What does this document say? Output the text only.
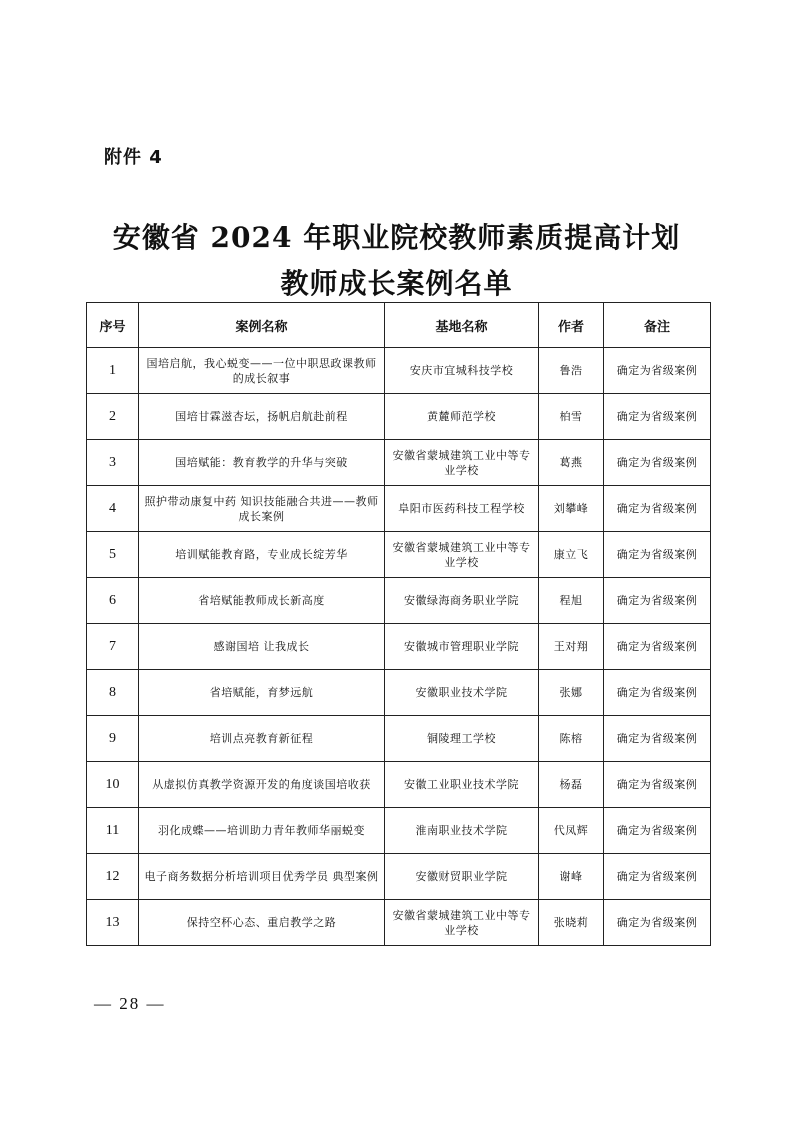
附件 4
安徽省 2024 年职业院校教师素质提高计划
教师成长案例名单
序号	案例名称	基地名称	作者	备注
1	国培启航，我心蜕变——一位中职思政课教师的成长叙事	安庆市宜城科技学校	鲁浩	确定为省级案例
2	国培甘霖滋杏坛，扬帆启航赴前程	黄麓师范学校	柏雪	确定为省级案例
3	国培赋能：教育教学的升华与突破	安徽省蒙城建筑工业中等专业学校	葛燕	确定为省级案例
4	照护带动康复中药 知识技能融合共进——教师成长案例	阜阳市医药科技工程学校	刘攀峰	确定为省级案例
5	培训赋能教育路，专业成长绽芳华	安徽省蒙城建筑工业中等专业学校	康立飞	确定为省级案例
6	省培赋能教师成长新高度	安徽绿海商务职业学院	程旭	确定为省级案例
7	感谢国培 让我成长	安徽城市管理职业学院	王对翔	确定为省级案例
8	省培赋能，育梦远航	安徽职业技术学院	张娜	确定为省级案例
9	培训点亮教育新征程	铜陵理工学校	陈榕	确定为省级案例
10	从虚拟仿真教学资源开发的角度谈国培收获	安徽工业职业技术学院	杨磊	确定为省级案例
11	羽化成蝶——培训助力青年教师华丽蜕变	淮南职业技术学院	代凤辉	确定为省级案例
12	电子商务数据分析培训项目优秀学员 典型案例	安徽财贸职业学院	谢峰	确定为省级案例
13	保持空杯心态、重启教学之路	安徽省蒙城建筑工业中等专业学校	张晓莉	确定为省级案例
— 28 —
